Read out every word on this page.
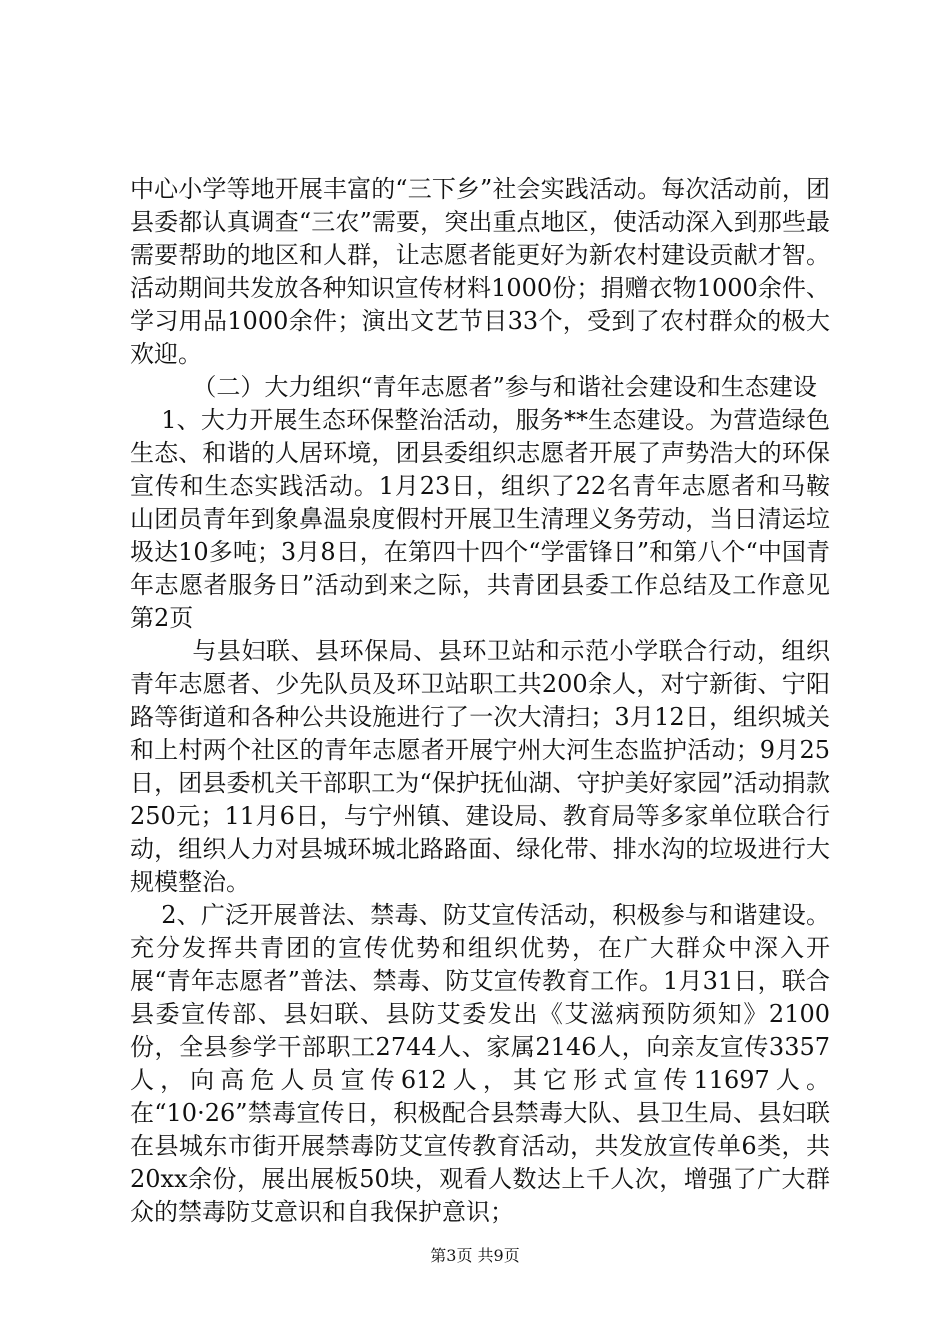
中心小学等地开展丰富的“三下乡”社会实践活动。每次活动前，团县委都认真调查“三农”需要，突出重点地区，使活动深入到那些最需要帮助的地区和人群，让志愿者能更好为新农村建设贡献才智。活动期间共发放各种知识宣传材料1000份；捐赠衣物1000余件、学习用品1000余件；演出文艺节目33个，受到了农村群众的极大欢迎。

（二）大力组织“青年志愿者”参与和谐社会建设和生态建设

1、大力开展生态环保整治活动，服务**生态建设。为营造绿色生态、和谐的人居环境，团县委组织志愿者开展了声势浩大的环保宣传和生态实践活动。1月23日，组织了22名青年志愿者和马鞍山团员青年到象鼻温泉度假村开展卫生清理义务劳动，当日清运垃圾达10多吨；3月8日，在第四十四个“学雷锋日”和第八个“中国青年志愿者服务日”活动到来之际，共青团县委工作总结及工作意见第2页

与县妇联、县环保局、县环卫站和示范小学联合行动，组织青年志愿者、少先队员及环卫站职工共200余人，对宁新街、宁阳路等街道和各种公共设施进行了一次大清扫；3月12日，组织城关和上村两个社区的青年志愿者开展宁州大河生态监护活动；9月25日，团县委机关干部职工为“保护抚仙湖、守护美好家园”活动捐款250元；11月6日，与宁州镇、建设局、教育局等多家单位联合行动，组织人力对县城环城北路路面、绿化带、排水沟的垃圾进行大规模整治。

2、广泛开展普法、禁毒、防艾宣传活动，积极参与和谐建设。充分发挥共青团的宣传优势和组织优势，在广大群众中深入开展“青年志愿者”普法、禁毒、防艾宣传教育工作。1月31日，联合县委宣传部、县妇联、县防艾委发出《艾滋病预防须知》2100份，全县参学干部职工2744人、家属2146人，向亲友宣传3357人，向高危人员宣传612人，其它形式宣传11697人。在“10·26”禁毒宣传日，积极配合县禁毒大队、县卫生局、县妇联在县城东市街开展禁毒防艾宣传教育活动，共发放宣传单6类，共20xx余份，展出展板50块，观看人数达上千人次，增强了广大群众的禁毒防艾意识和自我保护意识；

第3页 共9页
